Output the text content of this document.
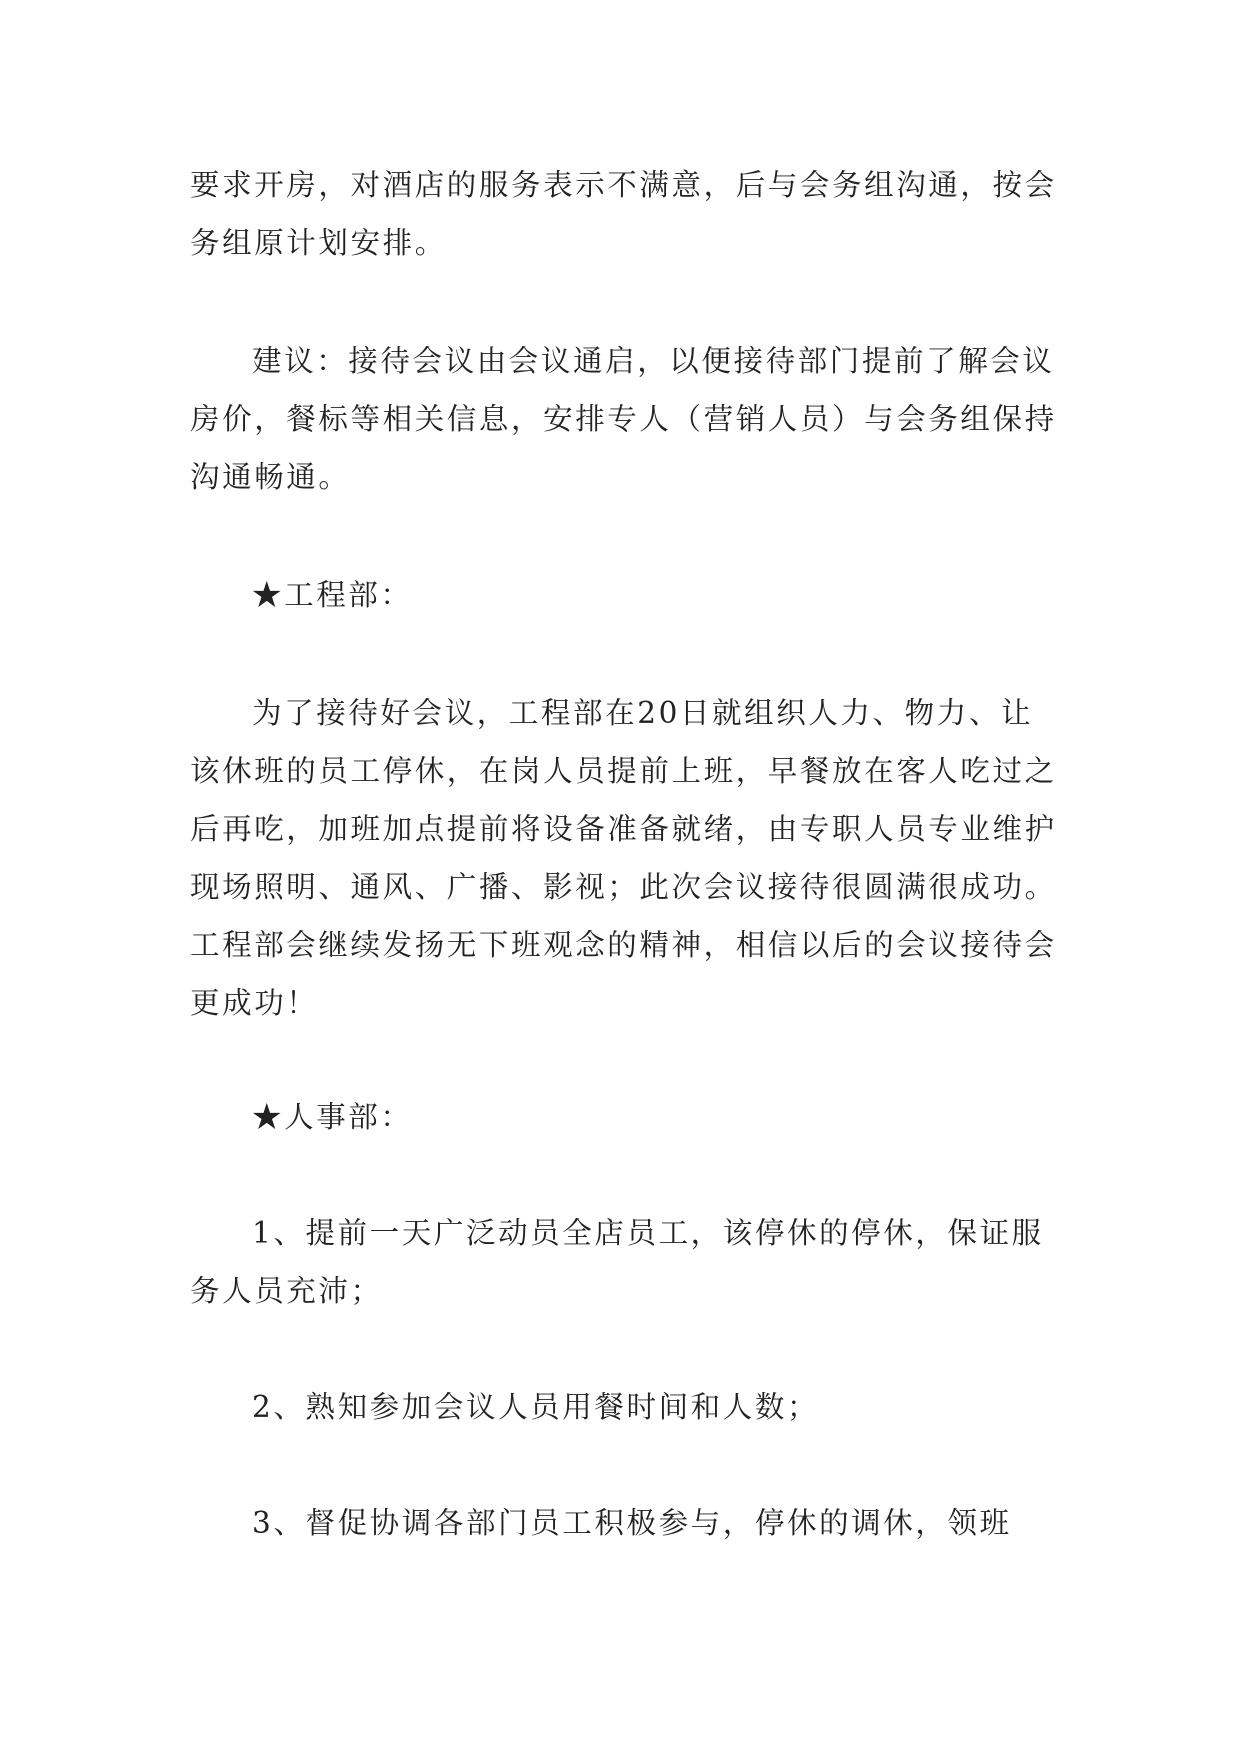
要求开房，对酒店的服务表示不满意，后与会务组沟通，按会务组原计划安排。

建议：接待会议由会议通启，以便接待部门提前了解会议房价，餐标等相关信息，安排专人（营销人员）与会务组保持沟通畅通。

★工程部：

为了接待好会议，工程部在20日就组织人力、物力、让该休班的员工停休，在岗人员提前上班，早餐放在客人吃过之后再吃，加班加点提前将设备准备就绪，由专职人员专业维护现场照明、通风、广播、影视；此次会议接待很圆满很成功。工程部会继续发扬无下班观念的精神，相信以后的会议接待会更成功！

★人事部：

1、提前一天广泛动员全店员工，该停休的停休，保证服务人员充沛；

2、熟知参加会议人员用餐时间和人数；

3、督促协调各部门员工积极参与，停休的调休，领班
